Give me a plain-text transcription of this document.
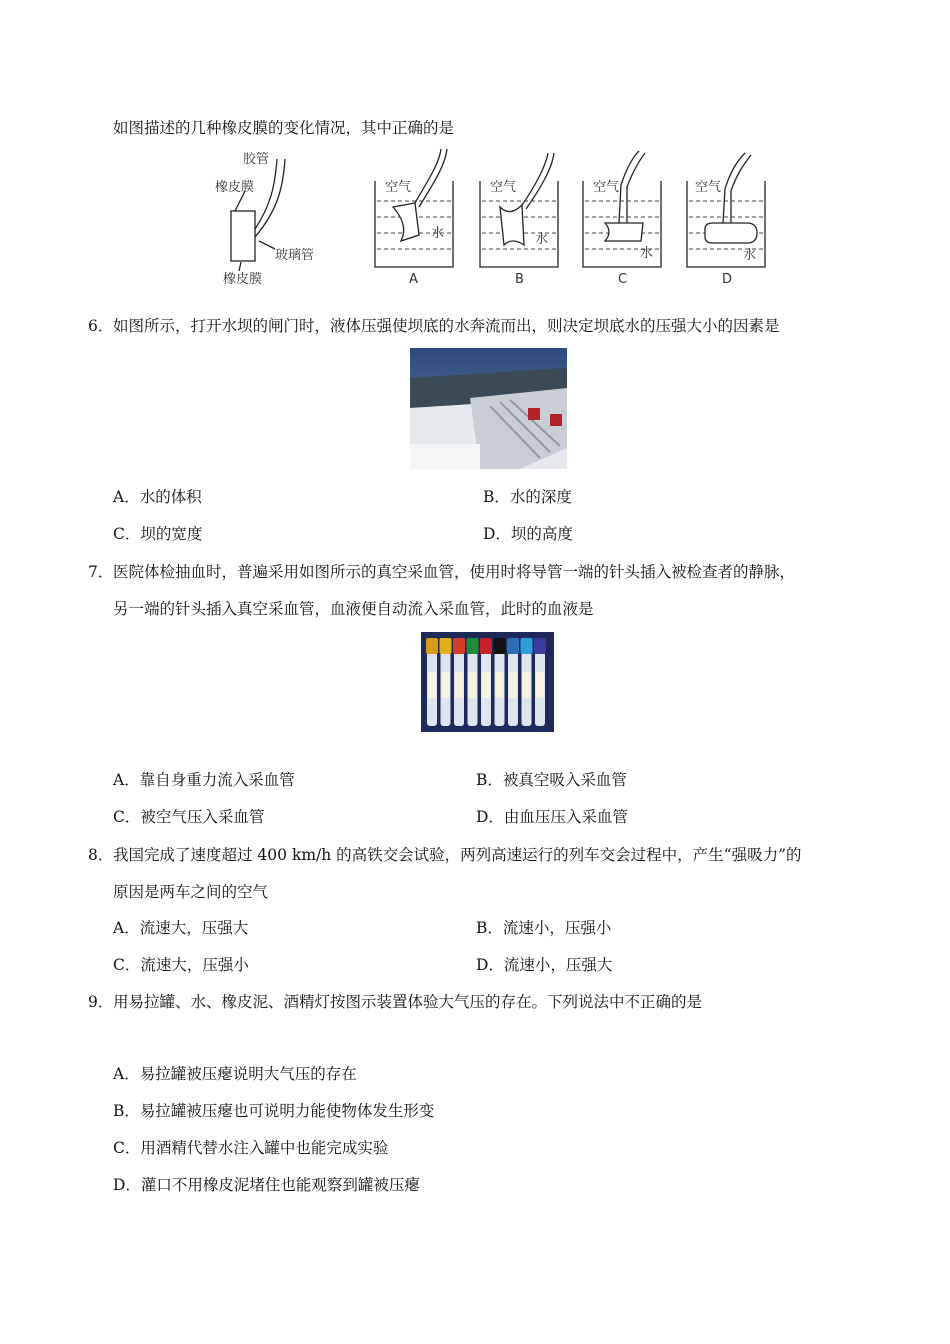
如图描述的几种橡皮膜的变化情况，其中正确的是
胶管
橡皮膜
玻璃管
橡皮膜
空气
水
空气
水
空气
水
空气
水
A	B	C	D
6． 如图所示，打开水坝的闸门时，液体压强使坝底的水奔流而出，则决定坝底水的压强大小的因素是
A．水的体积	B．水的深度
C．坝的宽度	D．坝的高度
7． 医院体检抽血时，普遍采用如图所示的真空采血管，使用时将导管一端的针头插入被检查者的静脉，
另一端的针头插入真空采血管，血液便自动流入采血管，此时的血液是
A．靠自身重力流入采血管	B．被真空吸入采血管
C．被空气压入采血管	D．由血压压入采血管
8． 我国完成了速度超过 400 km/h 的高铁交会试验，两列高速运行的列车交会过程中，产生“强吸力”的
原因是两车之间的空气
A．流速大，压强大	B．流速小，压强小
C．流速大，压强小	D．流速小，压强大
9． 用易拉罐、水、橡皮泥、酒精灯按图示装置体验大气压的存在。下列说法中不正确的是
A．易拉罐被压瘪说明大气压的存在
B．易拉罐被压瘪也可说明力能使物体发生形变
C．用酒精代替水注入罐中也能完成实验
D．灌口不用橡皮泥堵住也能观察到罐被压瘪
